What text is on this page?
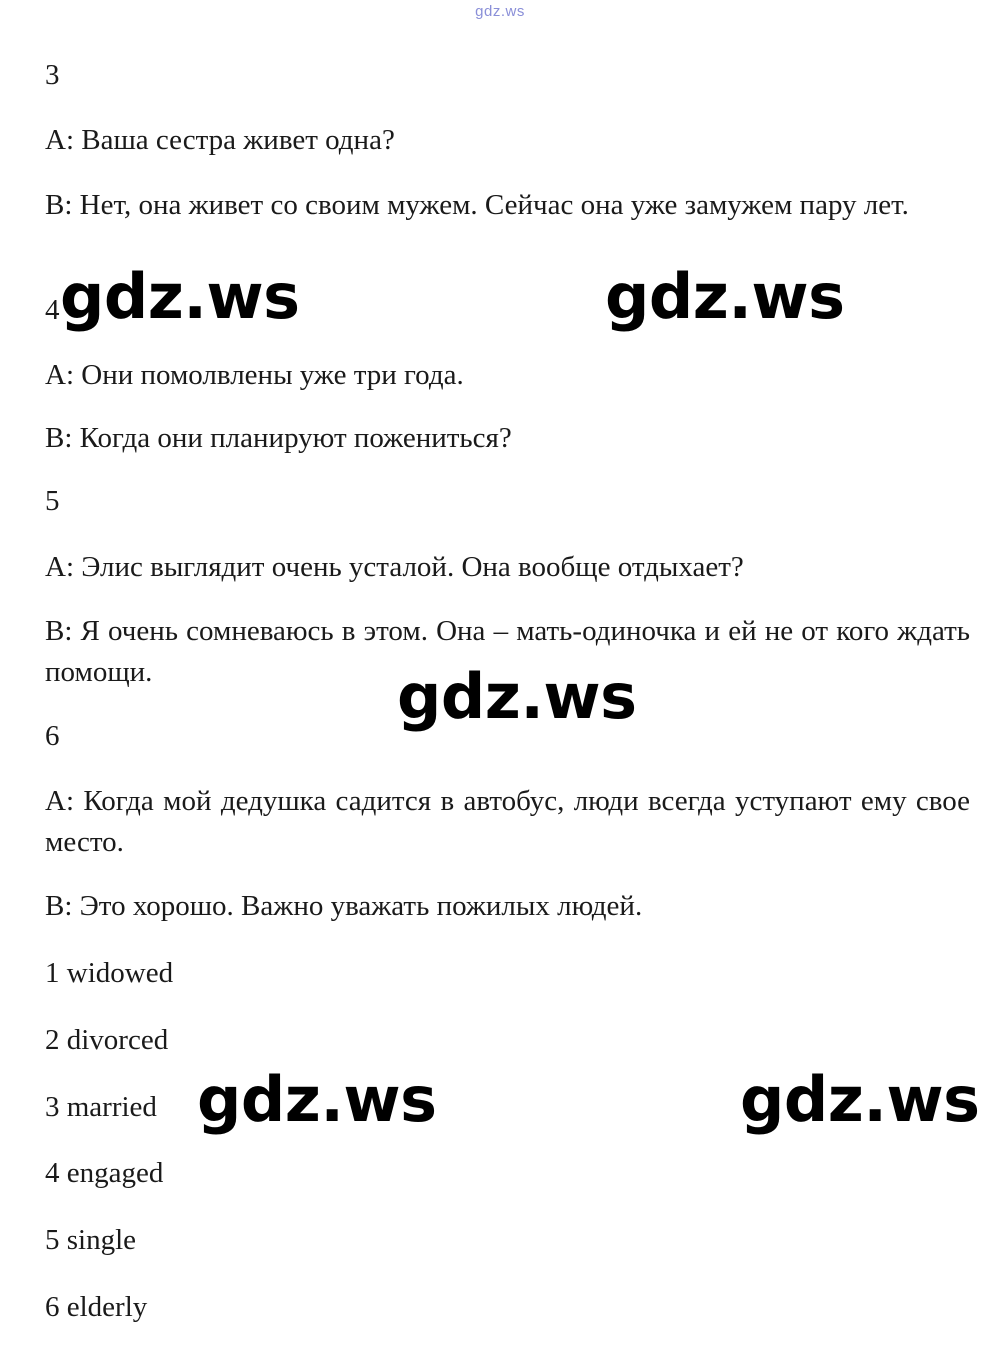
gdz.ws

3

A: Ваша сестра живет одна?

B: Нет, она живет со своим мужем. Сейчас она уже замужем пару лет.

4

A: Они помолвлены уже три года.

B: Когда они планируют пожениться?

5

A: Элис выглядит очень усталой. Она вообще отдыхает?

B: Я очень сомневаюсь в этом. Она – мать-одиночка и ей не от кого ждать помощи.

6

A: Когда мой дедушка садится в автобус, люди всегда уступают ему свое место.

B: Это хорошо. Важно уважать пожилых людей.

1 widowed

2 divorced

3 married

4 engaged

5 single

6 elderly

gdz.ws	gdz.ws
gdz.ws
gdz.ws	gdz.ws
